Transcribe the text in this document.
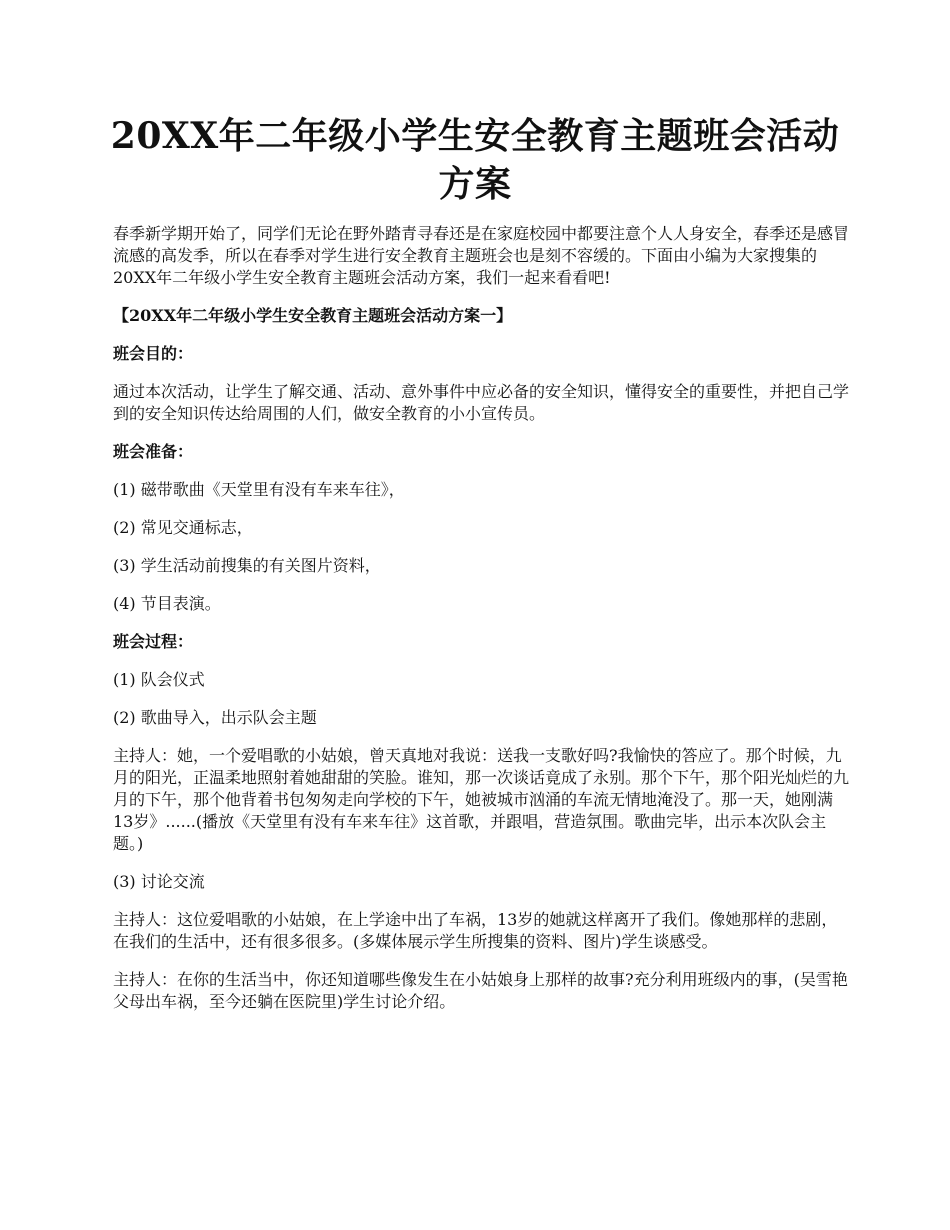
20XX年二年级小学生安全教育主题班会活动方案

春季新学期开始了，同学们无论在野外踏青寻春还是在家庭校园中都要注意个人人身安全，春季还是感冒流感的高发季，所以在春季对学生进行安全教育主题班会也是刻不容缓的。下面由小编为大家搜集的20XX年二年级小学生安全教育主题班会活动方案，我们一起来看看吧!

【20XX年二年级小学生安全教育主题班会活动方案一】

班会目的：

通过本次活动，让学生了解交通、活动、意外事件中应必备的安全知识，懂得安全的重要性，并把自己学到的安全知识传达给周围的人们，做安全教育的小小宣传员。

班会准备：

(1) 磁带歌曲《天堂里有没有车来车往》，

(2) 常见交通标志，

(3) 学生活动前搜集的有关图片资料，

(4) 节目表演。

班会过程：

(1) 队会仪式

(2) 歌曲导入，出示队会主题

主持人：她，一个爱唱歌的小姑娘，曾天真地对我说：送我一支歌好吗?我愉快的答应了。那个时候，九月的阳光，正温柔地照射着她甜甜的笑脸。谁知，那一次谈话竟成了永别。那个下午，那个阳光灿烂的九月的下午，那个他背着书包匆匆走向学校的下午，她被城市汹涌的车流无情地淹没了。那一天，她刚满13岁》......(播放《天堂里有没有车来车往》这首歌，并跟唱，营造氛围。歌曲完毕，出示本次队会主题。)

(3) 讨论交流

主持人：这位爱唱歌的小姑娘，在上学途中出了车祸，13岁的她就这样离开了我们。像她那样的悲剧，在我们的生活中，还有很多很多。(多媒体展示学生所搜集的资料、图片)学生谈感受。

主持人：在你的生活当中，你还知道哪些像发生在小姑娘身上那样的故事?充分利用班级内的事，(吴雪艳父母出车祸，至今还躺在医院里)学生讨论介绍。
